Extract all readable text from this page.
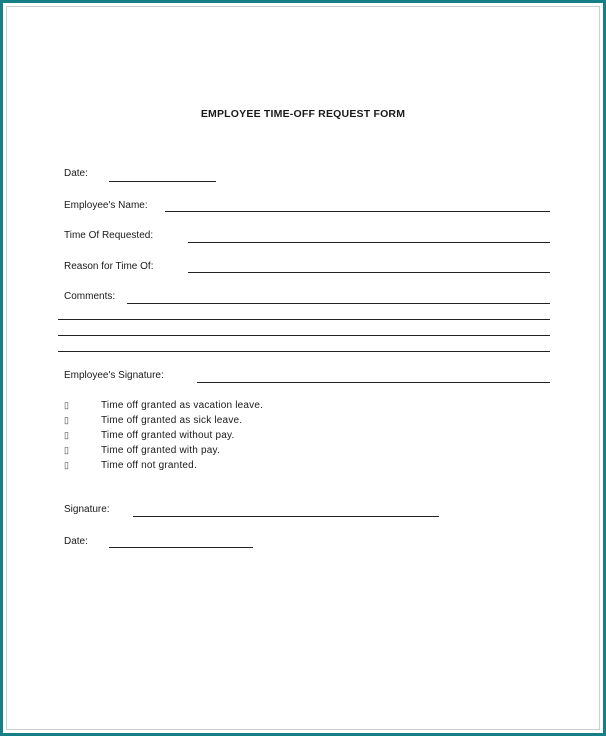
EMPLOYEE TIME-OFF REQUEST FORM
Date:
Employee's Name:
Time Of Requested:
Reason for Time Of:
Comments:
Employee's Signature:
▯	Time off granted as vacation leave.
▯	Time off granted as sick leave.
▯	Time off granted without pay.
▯	Time off granted with pay.
▯	Time off not granted.
Signature:
Date:
